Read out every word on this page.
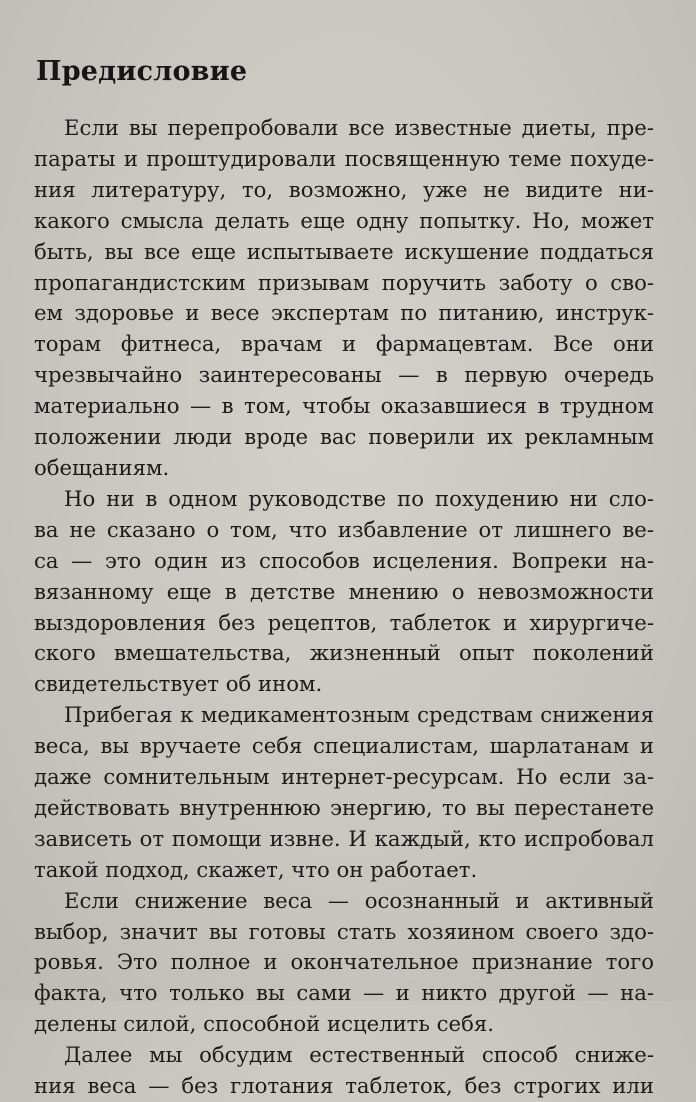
Предисловие

Если вы перепробовали все известные диеты, пре-
параты и проштудировали посвященную теме похуде-
ния литературу, то, возможно, уже не видите ни-
какого смысла делать еще одну попытку. Но, может
быть, вы все еще испытываете искушение поддаться
пропагандистским призывам поручить заботу о сво-
ем здоровье и весе экспертам по питанию, инструк-
торам фитнеса, врачам и фармацевтам. Все они
чрезвычайно заинтересованы — в первую очередь
материально — в том, чтобы оказавшиеся в трудном
положении люди вроде вас поверили их рекламным
обещаниям.

Но ни в одном руководстве по похудению ни сло-
ва не сказано о том, что избавление от лишнего ве-
са — это один из способов исцеления. Вопреки на-
вязанному еще в детстве мнению о невозможности
выздоровления без рецептов, таблеток и хирургиче-
ского вмешательства, жизненный опыт поколений
свидетельствует об ином.

Прибегая к медикаментозным средствам снижения
веса, вы вручаете себя специалистам, шарлатанам и
даже сомнительным интернет-ресурсам. Но если за-
действовать внутреннюю энергию, то вы перестанете
зависеть от помощи извне. И каждый, кто испробовал
такой подход, скажет, что он работает.

Если снижение веса — осознанный и активный
выбор, значит вы готовы стать хозяином своего здо-
ровья. Это полное и окончательное признание того
факта, что только вы сами — и никто другой — на-
делены силой, способной исцелить себя.

Далее мы обсудим естественный способ сниже-
ния веса — без глотания таблеток, без строгих или
